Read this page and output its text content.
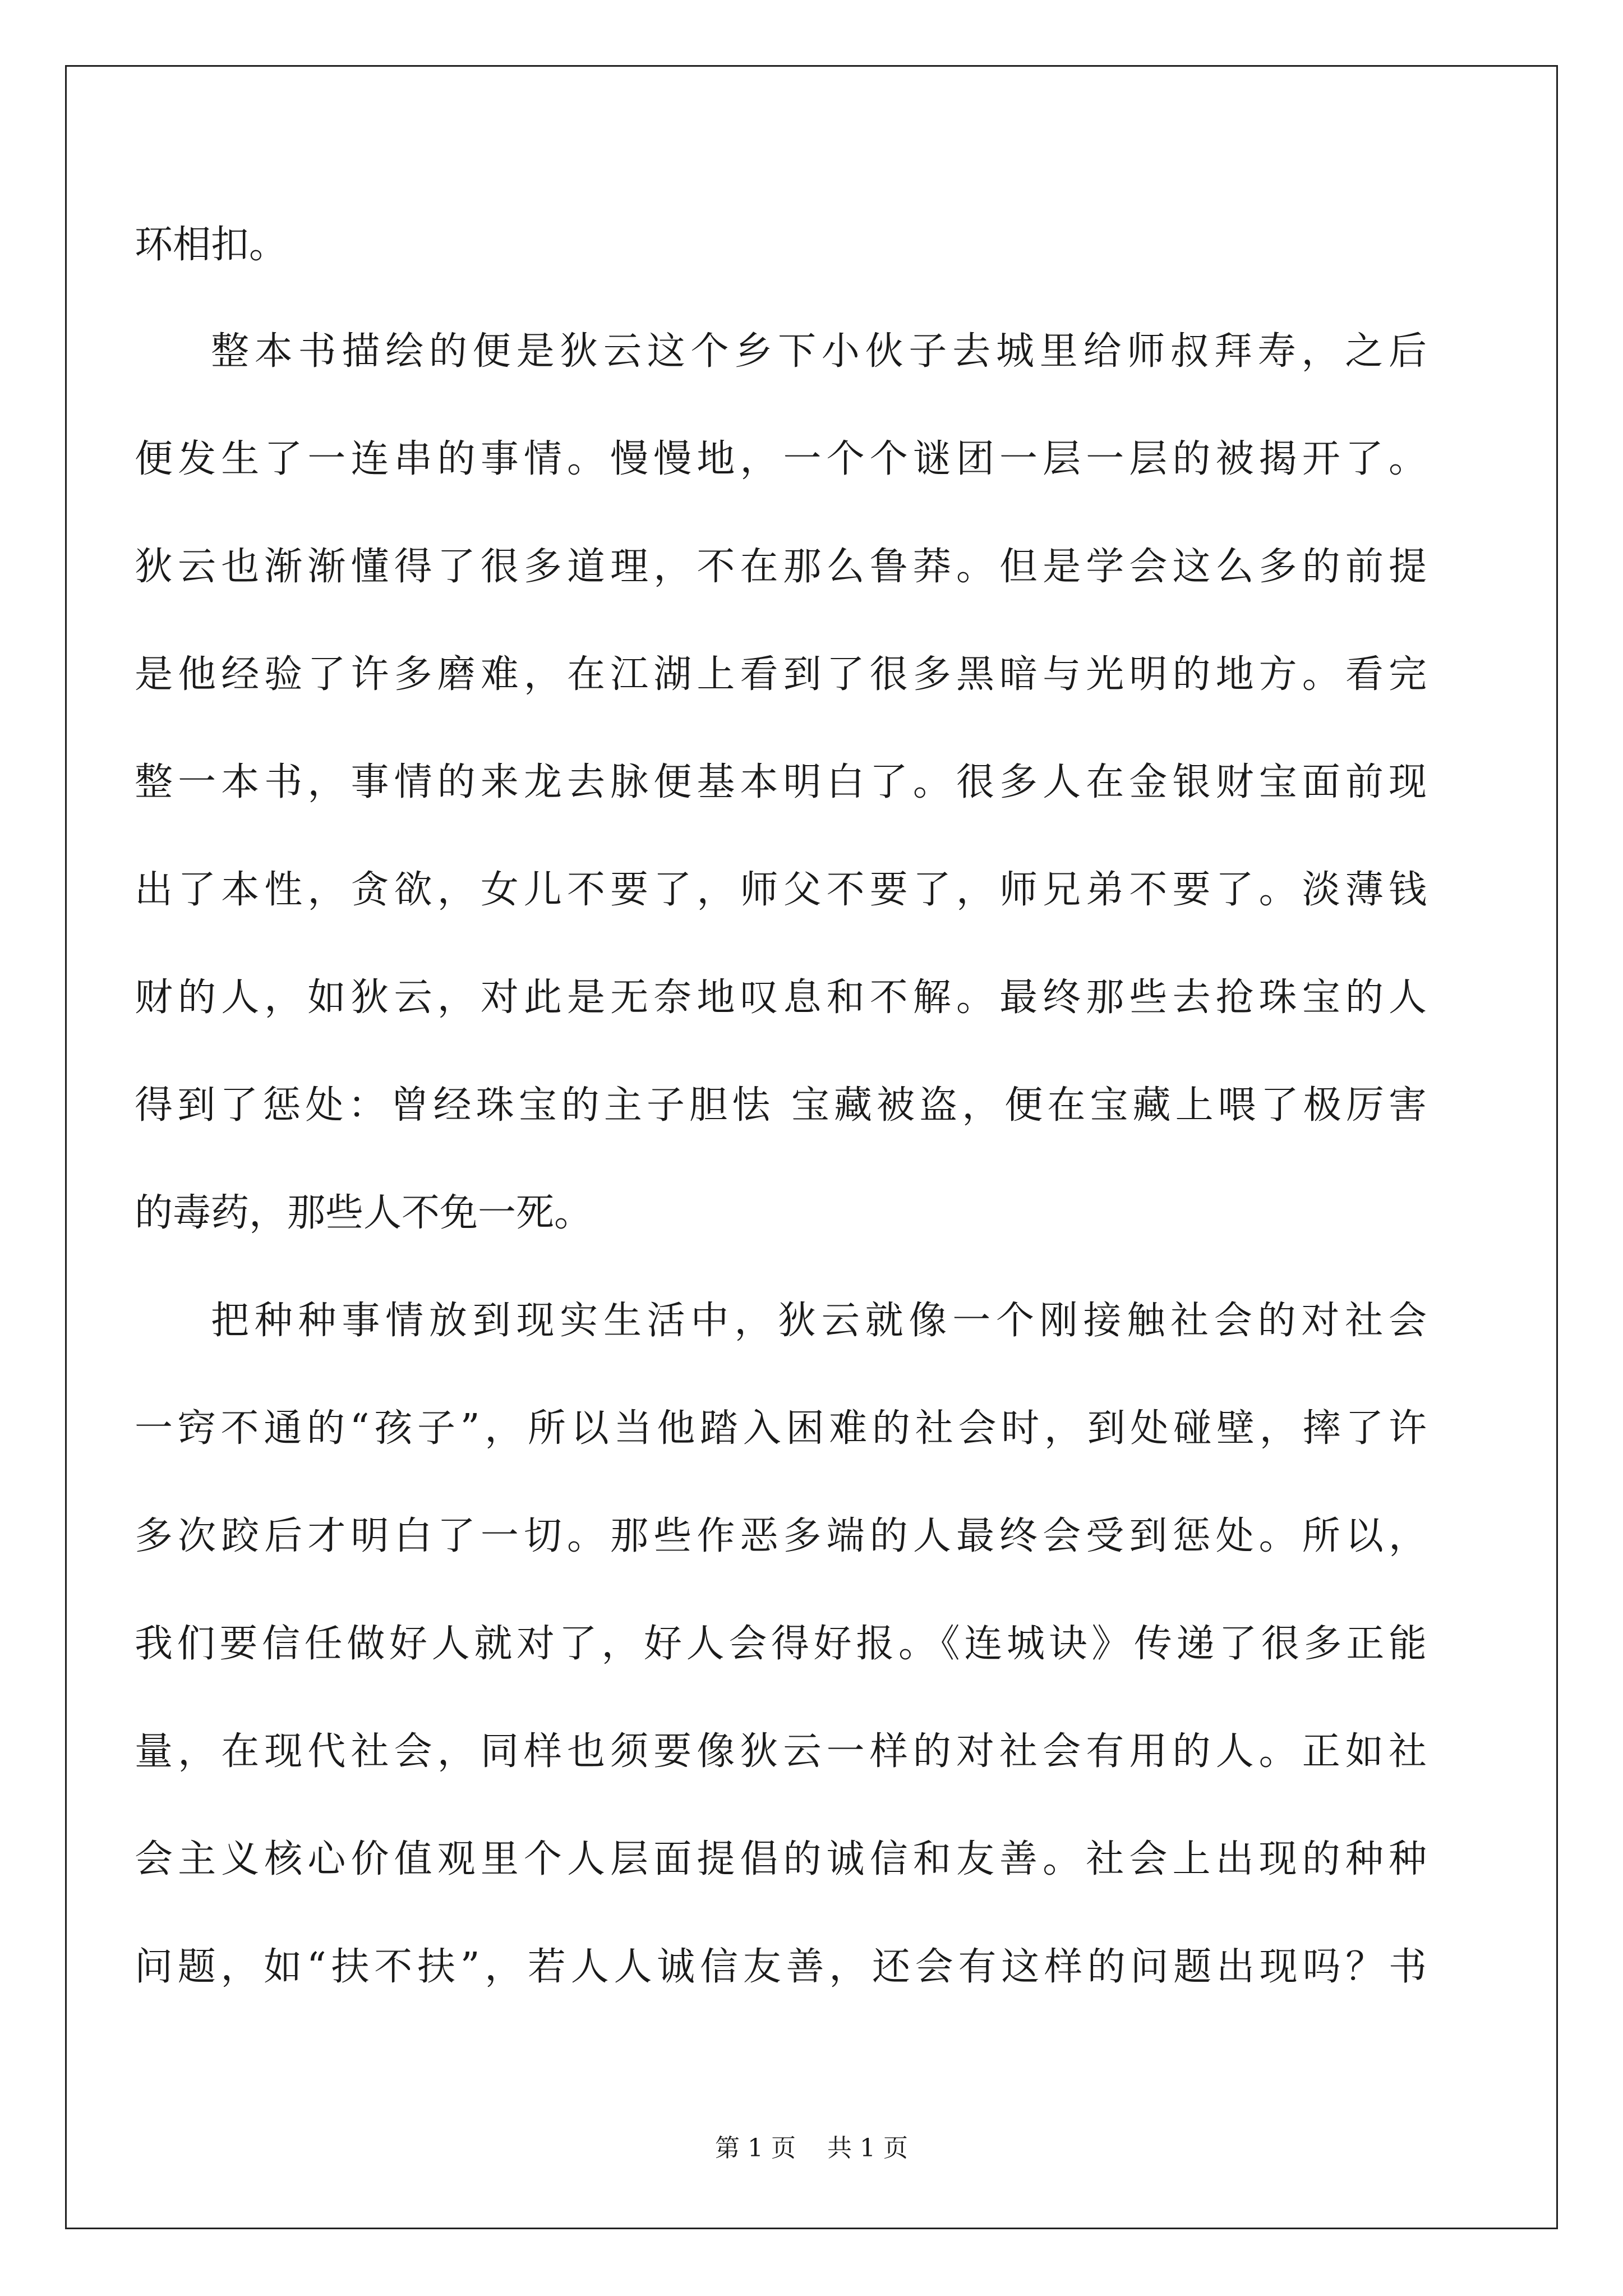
环相扣。
整本书描绘的便是狄云这个乡下小伙子去城里给师叔拜寿，之后
便发生了一连串的事情。慢慢地，一个个谜团一层一层的被揭开了。
狄云也渐渐懂得了很多道理，不在那么鲁莽。但是学会这么多的前提
是他经验了许多磨难，在江湖上看到了很多黑暗与光明的地方。看完
整一本书，事情的来龙去脉便基本明白了。很多人在金银财宝面前现
出了本性，贪欲，女儿不要了，师父不要了，师兄弟不要了。淡薄钱
财的人，如狄云，对此是无奈地叹息和不解。最终那些去抢珠宝的人
得到了惩处：曾经珠宝的主子胆怯 宝藏被盗，便在宝藏上喂了极厉害
的毒药，那些人不免一死。
把种种事情放到现实生活中，狄云就像一个刚接触社会的对社会
一窍不通的“孩子”，所以当他踏入困难的社会时，到处碰壁，摔了许
多次跤后才明白了一切。那些作恶多端的人最终会受到惩处。所以，
我们要信任做好人就对了，好人会得好报。《连城诀》传递了很多正能
量，在现代社会，同样也须要像狄云一样的对社会有用的人。正如社
会主义核心价值观里个人层面提倡的诚信和友善。社会上出现的种种
问题，如“扶不扶”，若人人诚信友善，还会有这样的问题出现吗？书
第 1 页 共 1 页
